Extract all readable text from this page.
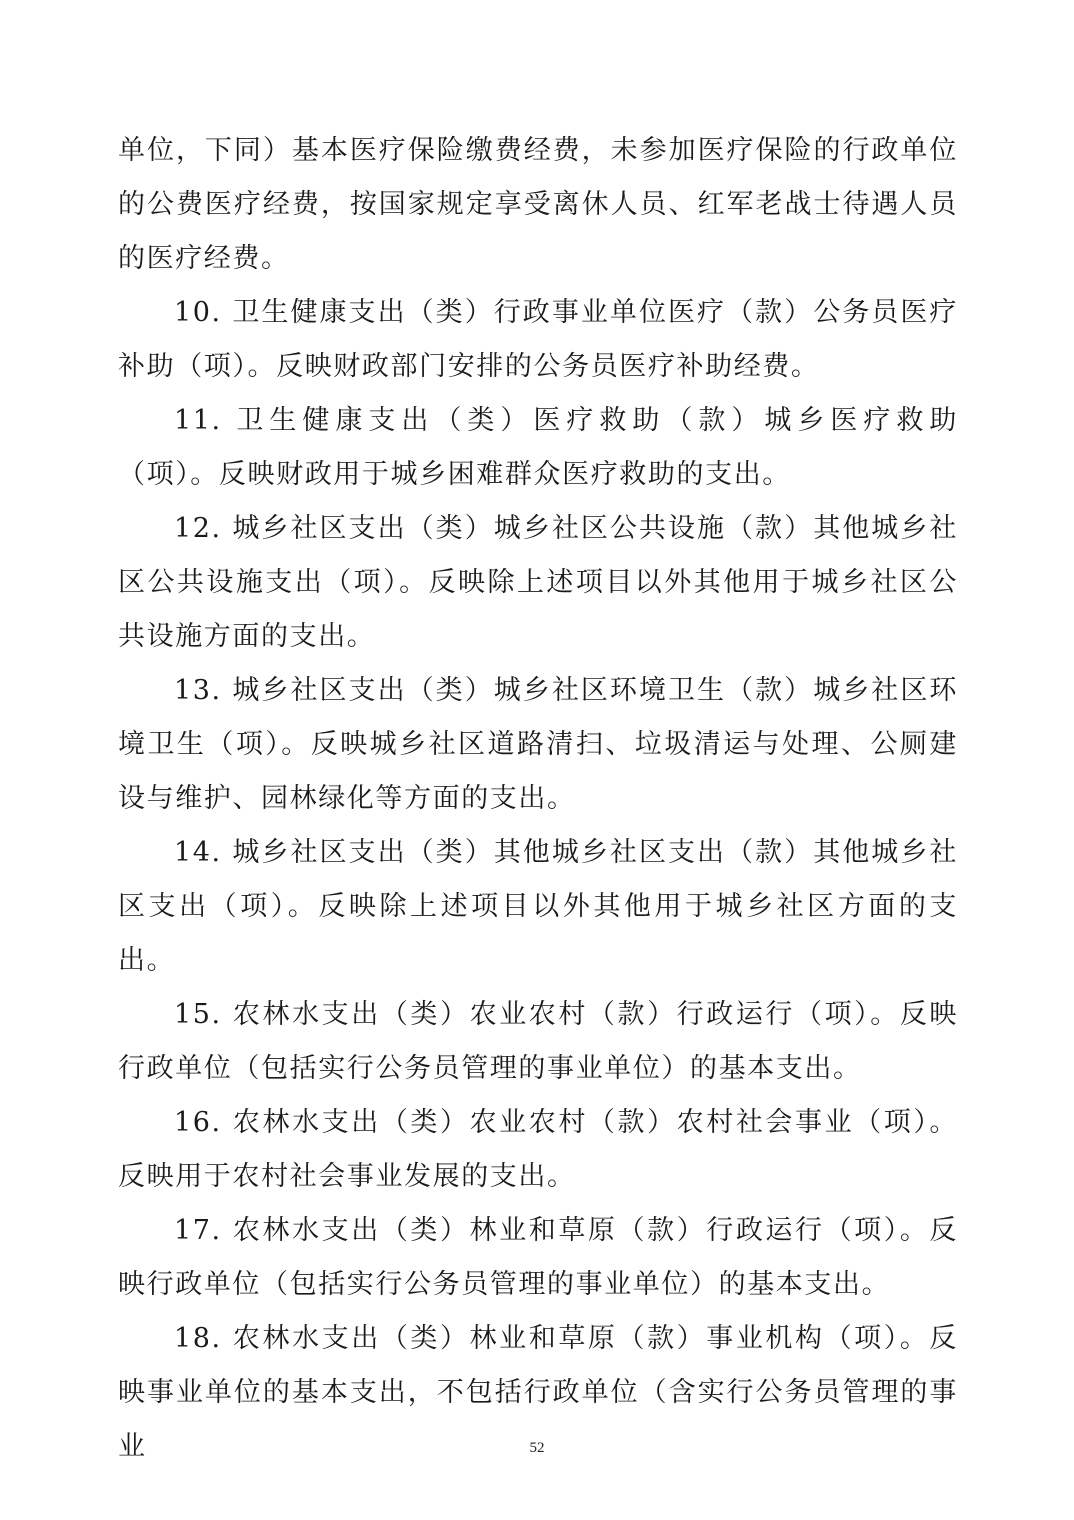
单位，下同）基本医疗保险缴费经费，未参加医疗保险的行政单位的公费医疗经费，按国家规定享受离休人员、红军老战士待遇人员的医疗经费。

10. 卫生健康支出（类）行政事业单位医疗（款）公务员医疗补助（项）。反映财政部门安排的公务员医疗补助经费。

11. 卫生健康支出（类）医疗救助（款）城乡医疗救助（项）。反映财政用于城乡困难群众医疗救助的支出。

12. 城乡社区支出（类）城乡社区公共设施（款）其他城乡社区公共设施支出（项）。反映除上述项目以外其他用于城乡社区公共设施方面的支出。

13. 城乡社区支出（类）城乡社区环境卫生（款）城乡社区环境卫生（项）。反映城乡社区道路清扫、垃圾清运与处理、公厕建设与维护、园林绿化等方面的支出。

14. 城乡社区支出（类）其他城乡社区支出（款）其他城乡社区支出（项）。反映除上述项目以外其他用于城乡社区方面的支出。

15. 农林水支出（类）农业农村（款）行政运行（项）。反映行政单位（包括实行公务员管理的事业单位）的基本支出。

16. 农林水支出（类）农业农村（款）农村社会事业（项）。反映用于农村社会事业发展的支出。

17. 农林水支出（类）林业和草原（款）行政运行（项）。反映行政单位（包括实行公务员管理的事业单位）的基本支出。

18. 农林水支出（类）林业和草原（款）事业机构（项）。反映事业单位的基本支出，不包括行政单位（含实行公务员管理的事业	52
